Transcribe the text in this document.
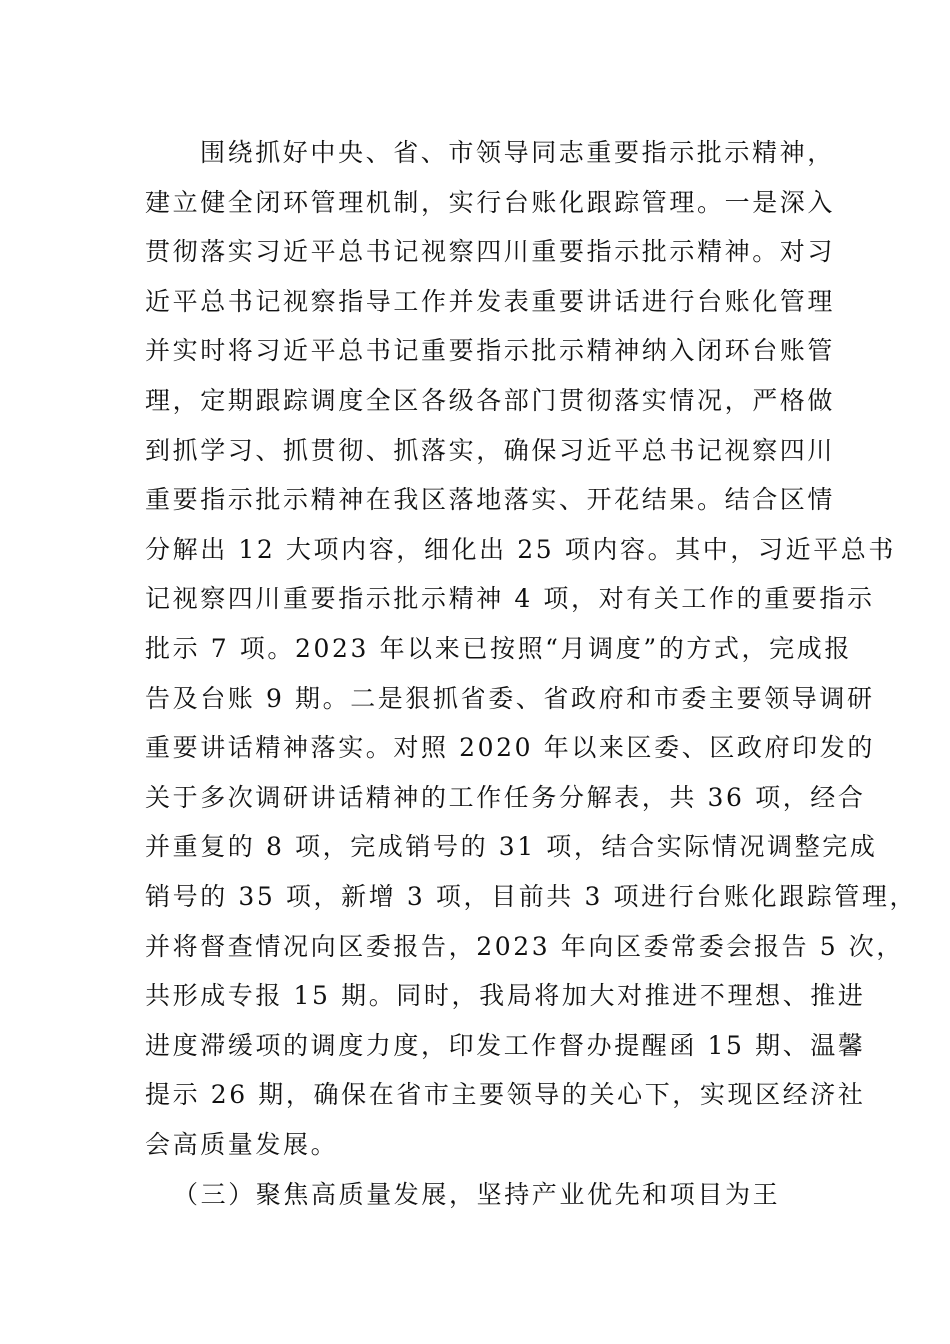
围绕抓好中央、省、市领导同志重要指示批示精神，
建立健全闭环管理机制，实行台账化跟踪管理。一是深入
贯彻落实习近平总书记视察四川重要指示批示精神。对习
近平总书记视察指导工作并发表重要讲话进行台账化管理
并实时将习近平总书记重要指示批示精神纳入闭环台账管
理，定期跟踪调度全区各级各部门贯彻落实情况，严格做
到抓学习、抓贯彻、抓落实，确保习近平总书记视察四川
重要指示批示精神在我区落地落实、开花结果。结合区情
分解出 12 大项内容，细化出 25 项内容。其中，习近平总书
记视察四川重要指示批示精神 4 项，对有关工作的重要指示
批示 7 项。2023 年以来已按照“月调度”的方式，完成报
告及台账 9 期。二是狠抓省委、省政府和市委主要领导调研
重要讲话精神落实。对照 2020 年以来区委、区政府印发的
关于多次调研讲话精神的工作任务分解表，共 36 项，经合
并重复的 8 项，完成销号的 31 项，结合实际情况调整完成
销号的 35 项，新增 3 项，目前共 3 项进行台账化跟踪管理，
并将督查情况向区委报告，2023 年向区委常委会报告 5 次，
共形成专报 15 期。同时，我局将加大对推进不理想、推进
进度滞缓项的调度力度，印发工作督办提醒函 15 期、温馨
提示 26 期，确保在省市主要领导的关心下，实现区经济社
会高质量发展。
（三）聚焦高质量发展，坚持产业优先和项目为王
